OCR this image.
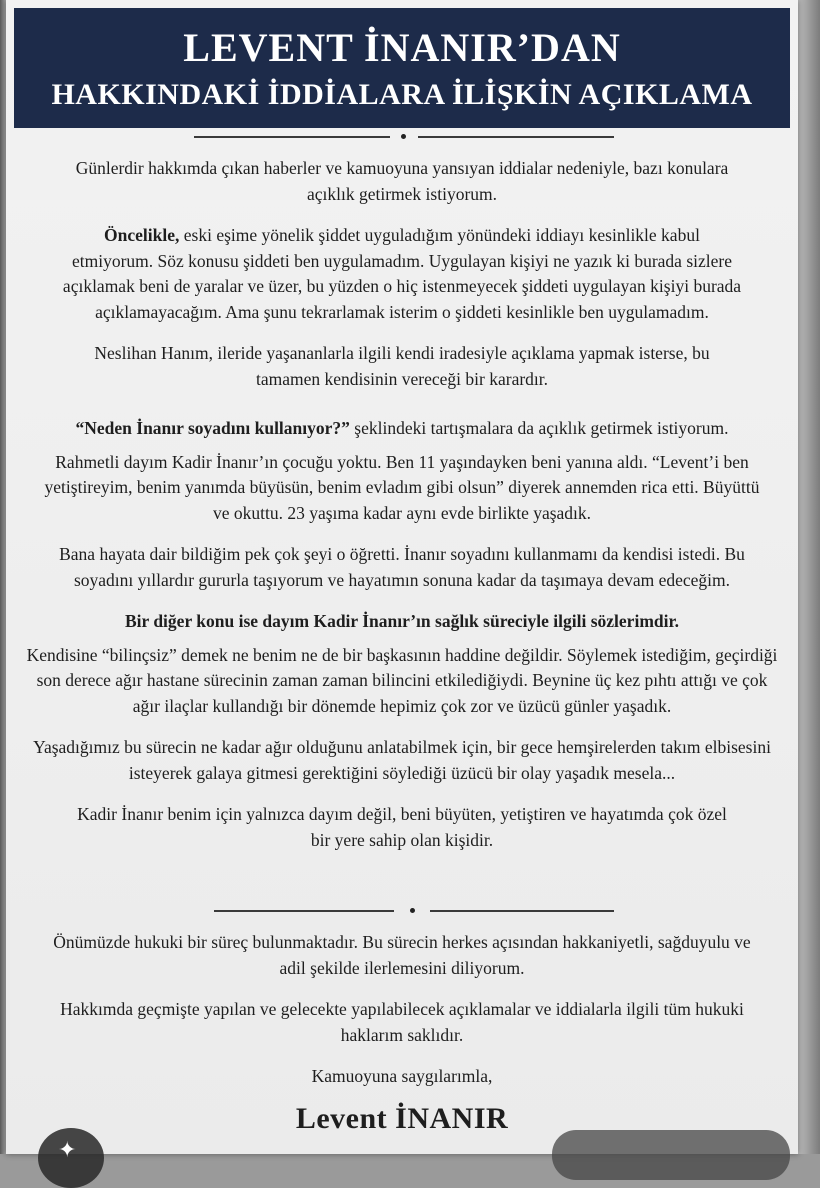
LEVENT İNANIR’DAN
HAKKINDAKİ İDDİALARA İLİŞKİN AÇIKLAMA

Günlerdir hakkımda çıkan haberler ve kamuoyuna yansıyan iddialar nedeniyle, bazı konulara açıklık getirmek istiyorum.

Öncelikle, eski eşime yönelik şiddet uyguladığım yönündeki iddiayı kesinlikle kabul etmiyorum. Söz konusu şiddeti ben uygulamadım. Uygulayan kişiyi ne yazık ki burada sizlere açıklamak beni de yaralar ve üzer, bu yüzden o hiç istenmeyecek şiddeti uygulayan kişiyi burada açıklamayacağım. Ama şunu tekrarlamak isterim o şiddeti kesinlikle ben uygulamadım.

Neslihan Hanım, ileride yaşananlarla ilgili kendi iradesiyle açıklama yapmak isterse, bu tamamen kendisinin vereceği bir karardır.

“Neden İnanır soyadını kullanıyor?” şeklindeki tartışmalara da açıklık getirmek istiyorum.

Rahmetli dayım Kadir İnanır’ın çocuğu yoktu. Ben 11 yaşındayken beni yanına aldı. “Levent’i ben yetiştireyim, benim yanımda büyüsün, benim evladım gibi olsun” diyerek annemden rica etti. Büyüttü ve okuttu. 23 yaşıma kadar aynı evde birlikte yaşadık.

Bana hayata dair bildiğim pek çok şeyi o öğretti. İnanır soyadını kullanmamı da kendisi istedi. Bu soyadını yıllardır gururla taşıyorum ve hayatımın sonuna kadar da taşımaya devam edeceğim.

Bir diğer konu ise dayım Kadir İnanır’ın sağlık süreciyle ilgili sözlerimdir.

Kendisine “bilinçsiz” demek ne benim ne de bir başkasının haddine değildir. Söylemek istediğim, geçirdiği son derece ağır hastane sürecinin zaman zaman bilincini etkilediğiydi. Beynine üç kez pıhtı attığı ve çok ağır ilaçlar kullandığı bir dönemde hepimiz çok zor ve üzücü günler yaşadık.

Yaşadığımız bu sürecin ne kadar ağır olduğunu anlatabilmek için, bir gece hemşirelerden takım elbisesini isteyerek galaya gitmesi gerektiğini söylediği üzücü bir olay yaşadık mesela...

Kadir İnanır benim için yalnızca dayım değil, beni büyüten, yetiştiren ve hayatımda çok özel bir yere sahip olan kişidir.

Önümüzde hukuki bir süreç bulunmaktadır. Bu sürecin herkes açısından hakkaniyetli, sağduyulu ve adil şekilde ilerlemesini diliyorum.

Hakkımda geçmişte yapılan ve gelecekte yapılabilecek açıklamalar ve iddialarla ilgili tüm hukuki haklarım saklıdır.

Kamuoyuna saygılarımla,

Levent İNANIR
✦
